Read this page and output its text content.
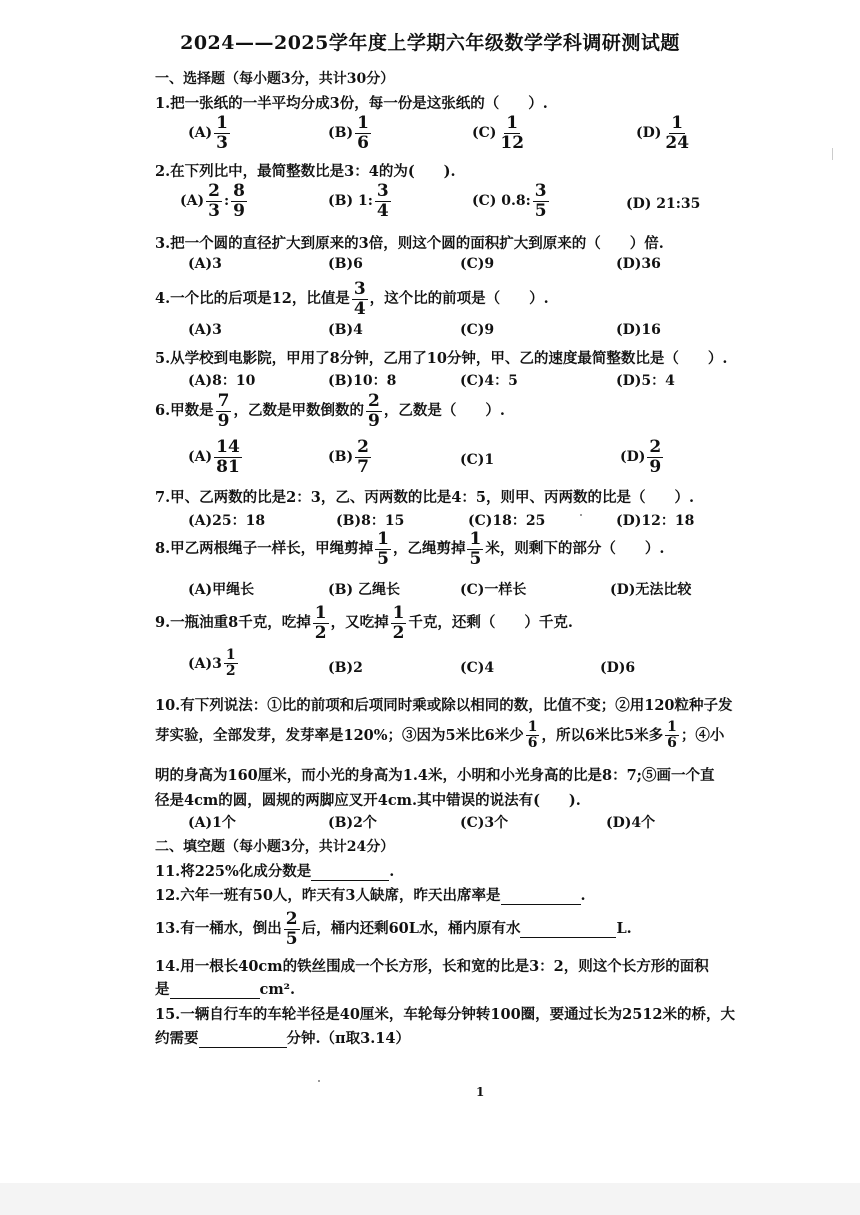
2024——2025学年度上学期六年级数学学科调研测试题
一、选择题（每小题3分，共计30分）
1.把一张纸的一半平均分成3份，每一份是这张纸的（　　）.
$(A) \frac{1}{3}$	$(B) \frac{1}{6}$	$(C) \frac{1}{12}$	$(D) \frac{1}{24}$
2.在下列比中，最简整数比是3：4的为(　　).
$(A) \frac{2}{3}$ : $\frac{8}{9}$	(B) 1: $\frac{3}{4}$	(C) 0.8: $\frac{3}{5}$	(D) 21:35
3.把一个圆的直径扩大到原来的3倍，则这个圆的面积扩大到原来的（　　）倍.
(A)3	(B)6	(C)9	(D)36
4.一个比的后项是12，比值是 $\frac{3}{4}$ ，这个比的前项是（　　）.
(A)3	(B)4	(C)9	(D)16
5.从学校到电影院，甲用了8分钟，乙用了10分钟，甲、乙的速度最简整数比是（　　）.
(A)8：10	(B)10：8	(C)4：5	(D)5：4
6.甲数是 $\frac{7}{9}$ ，乙数是甲数倒数的 $\frac{2}{9}$ ，乙数是（　　）.
$(A) \frac{14}{81}$	$(B) \frac{2}{7}$	(C)1	$(D) \frac{2}{9}$
7.甲、乙两数的比是2：3，乙、丙两数的比是4：5，则甲、丙两数的比是（　　）.
(A)25：18	(B)8：15	(C)18：25	(D)12：18
8.甲乙两根绳子一样长，甲绳剪掉 $\frac{1}{5}$ ，乙绳剪掉 $\frac{1}{5}$ 米，则剩下的部分（　　）.
(A)甲绳长	(B) 乙绳长	(C)一样长	(D)无法比较
9.一瓶油重8千克，吃掉 $\frac{1}{2}$ ，又吃掉 $\frac{1}{2}$ 千克，还剩（　　）千克.
$(A)3 \frac{1}{2}$	(B)2	(C)4	(D)6
10.有下列说法：①比的前项和后项同时乘或除以相同的数，比值不变；②用120粒种子发
芽实验，全部发芽，发芽率是120%；③因为5米比6米少 $\frac{1}{6}$ ，所以6米比5米多 $\frac{1}{6}$ ；④小
明的身高为160厘米，而小光的身高为1.4米，小明和小光身高的比是8：7;⑤画一个直
径是4cm的圆，圆规的两脚应叉开4cm.其中错误的说法有(　　).
(A)1个	(B)2个	(C)3个	(D)4个
二、填空题（每小题3分，共计24分）
11.将225%化成分数是	.
12.六年一班有50人，昨天有3人缺席，昨天出席率是	.
13.有一桶水，倒出 $\frac{2}{5}$ 后，桶内还剩60L水，桶内原有水	L.
14.用一根长40cm的铁丝围成一个长方形，长和宽的比是3：2，则这个长方形的面积
是	cm².
15.一辆自行车的车轮半径是40厘米，车轮每分钟转100圈，要通过长为2512米的桥，大
约需要	分钟.（π取3.14）
1
